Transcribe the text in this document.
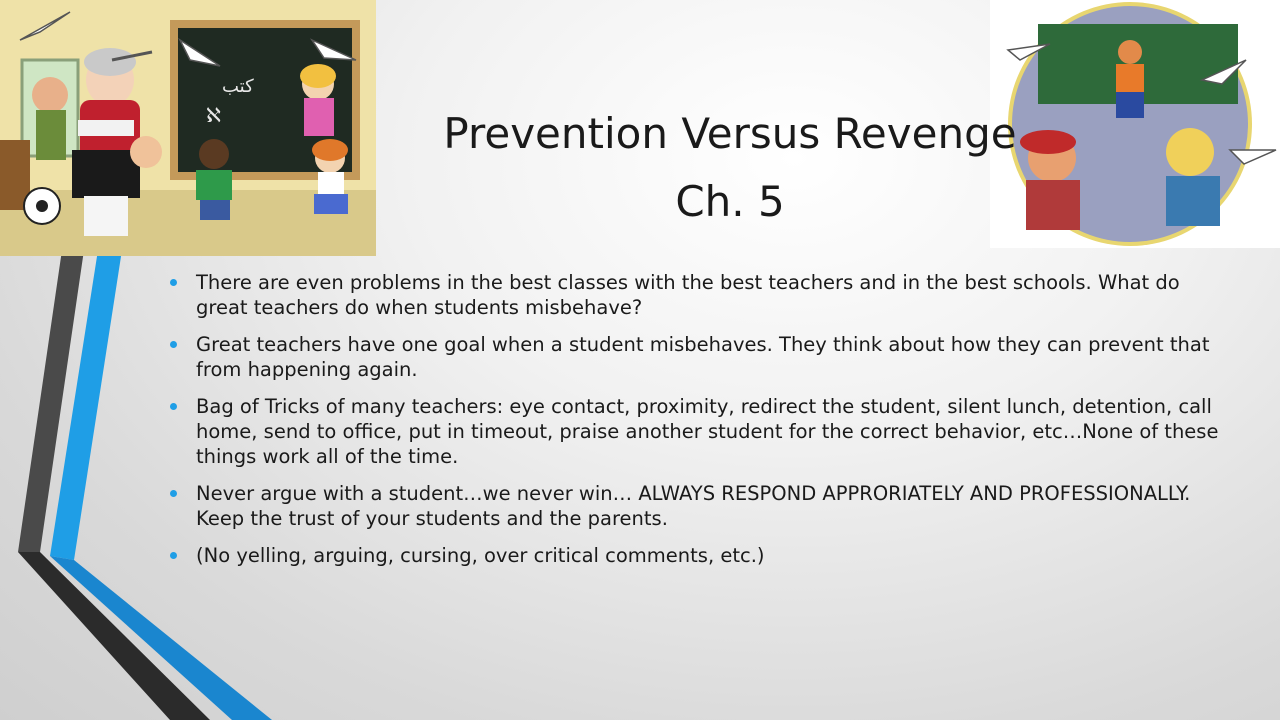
كتب
ℵ	Prevention Versus Revenge
Ch. 5
There are even problems in the best classes with the best teachers and in the best schools. What do great teachers do when students misbehave?
Great teachers have one goal when a student misbehaves. They think about how they can prevent that from happening again.
Bag of Tricks of many teachers: eye contact, proximity, redirect the student, silent lunch, detention, call home, send to office, put in timeout, praise another student for the correct behavior, etc…None of these things work all of the time.
Never argue with a student…we never win… ALWAYS RESPOND APPRORIATELY AND PROFESSIONALLY. Keep the trust of your students and the parents.
(No yelling, arguing, cursing, over critical comments, etc.)
